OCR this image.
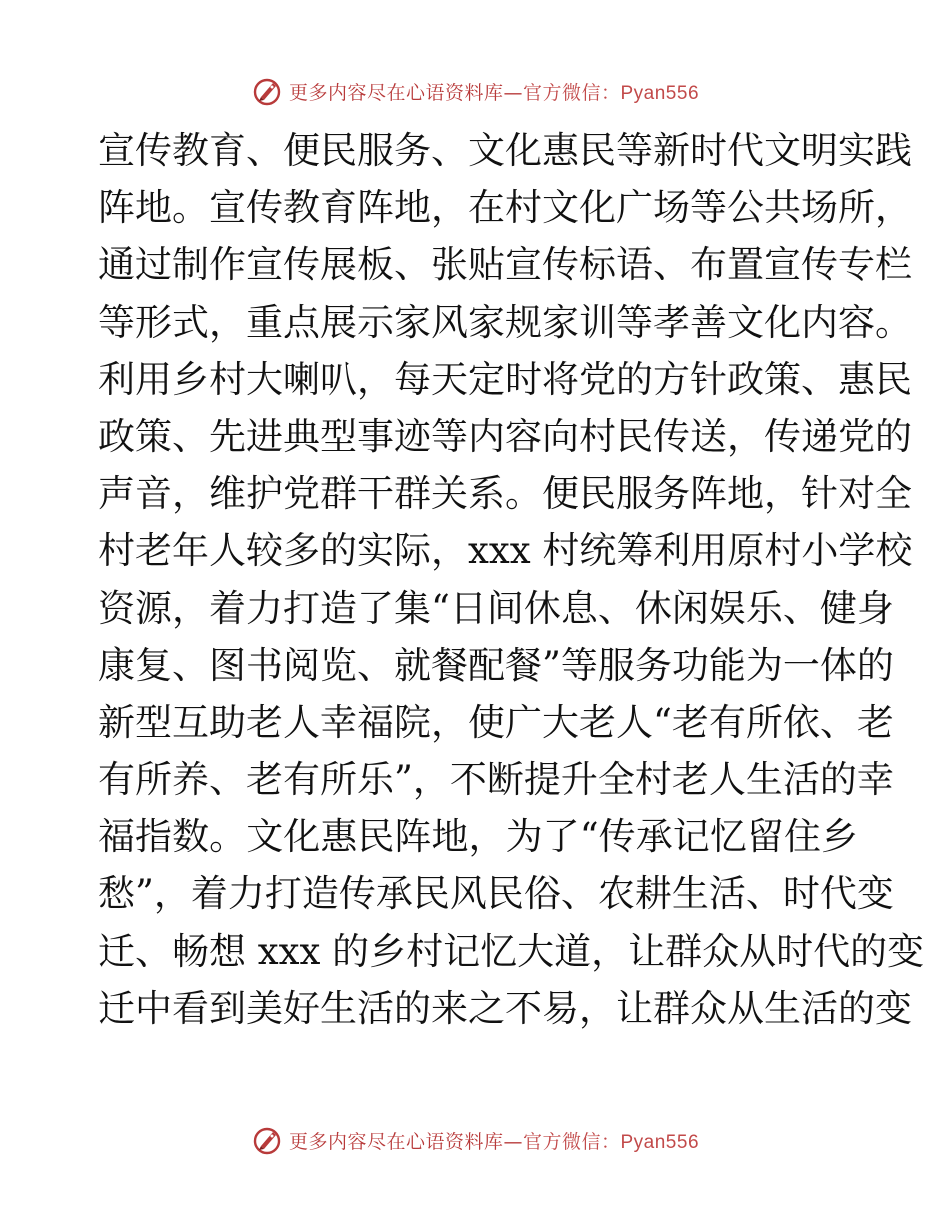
更多内容尽在心语资料库—官方微信：Pyan556
宣传教育、便民服务、文化惠民等新时代文明实践
阵地。宣传教育阵地，在村文化广场等公共场所，
通过制作宣传展板、张贴宣传标语、布置宣传专栏
等形式，重点展示家风家规家训等孝善文化内容。
利用乡村大喇叭，每天定时将党的方针政策、惠民
政策、先进典型事迹等内容向村民传送，传递党的
声音，维护党群干群关系。便民服务阵地，针对全
村老年人较多的实际，xxx 村统筹利用原村小学校
资源，着力打造了集“日间休息、休闲娱乐、健身
康复、图书阅览、就餐配餐”等服务功能为一体的
新型互助老人幸福院，使广大老人“老有所依、老
有所养、老有所乐”，不断提升全村老人生活的幸
福指数。文化惠民阵地，为了“传承记忆留住乡
愁”，着力打造传承民风民俗、农耕生活、时代变
迁、畅想 xxx 的乡村记忆大道，让群众从时代的变
迁中看到美好生活的来之不易，让群众从生活的变
更多内容尽在心语资料库—官方微信：Pyan556
